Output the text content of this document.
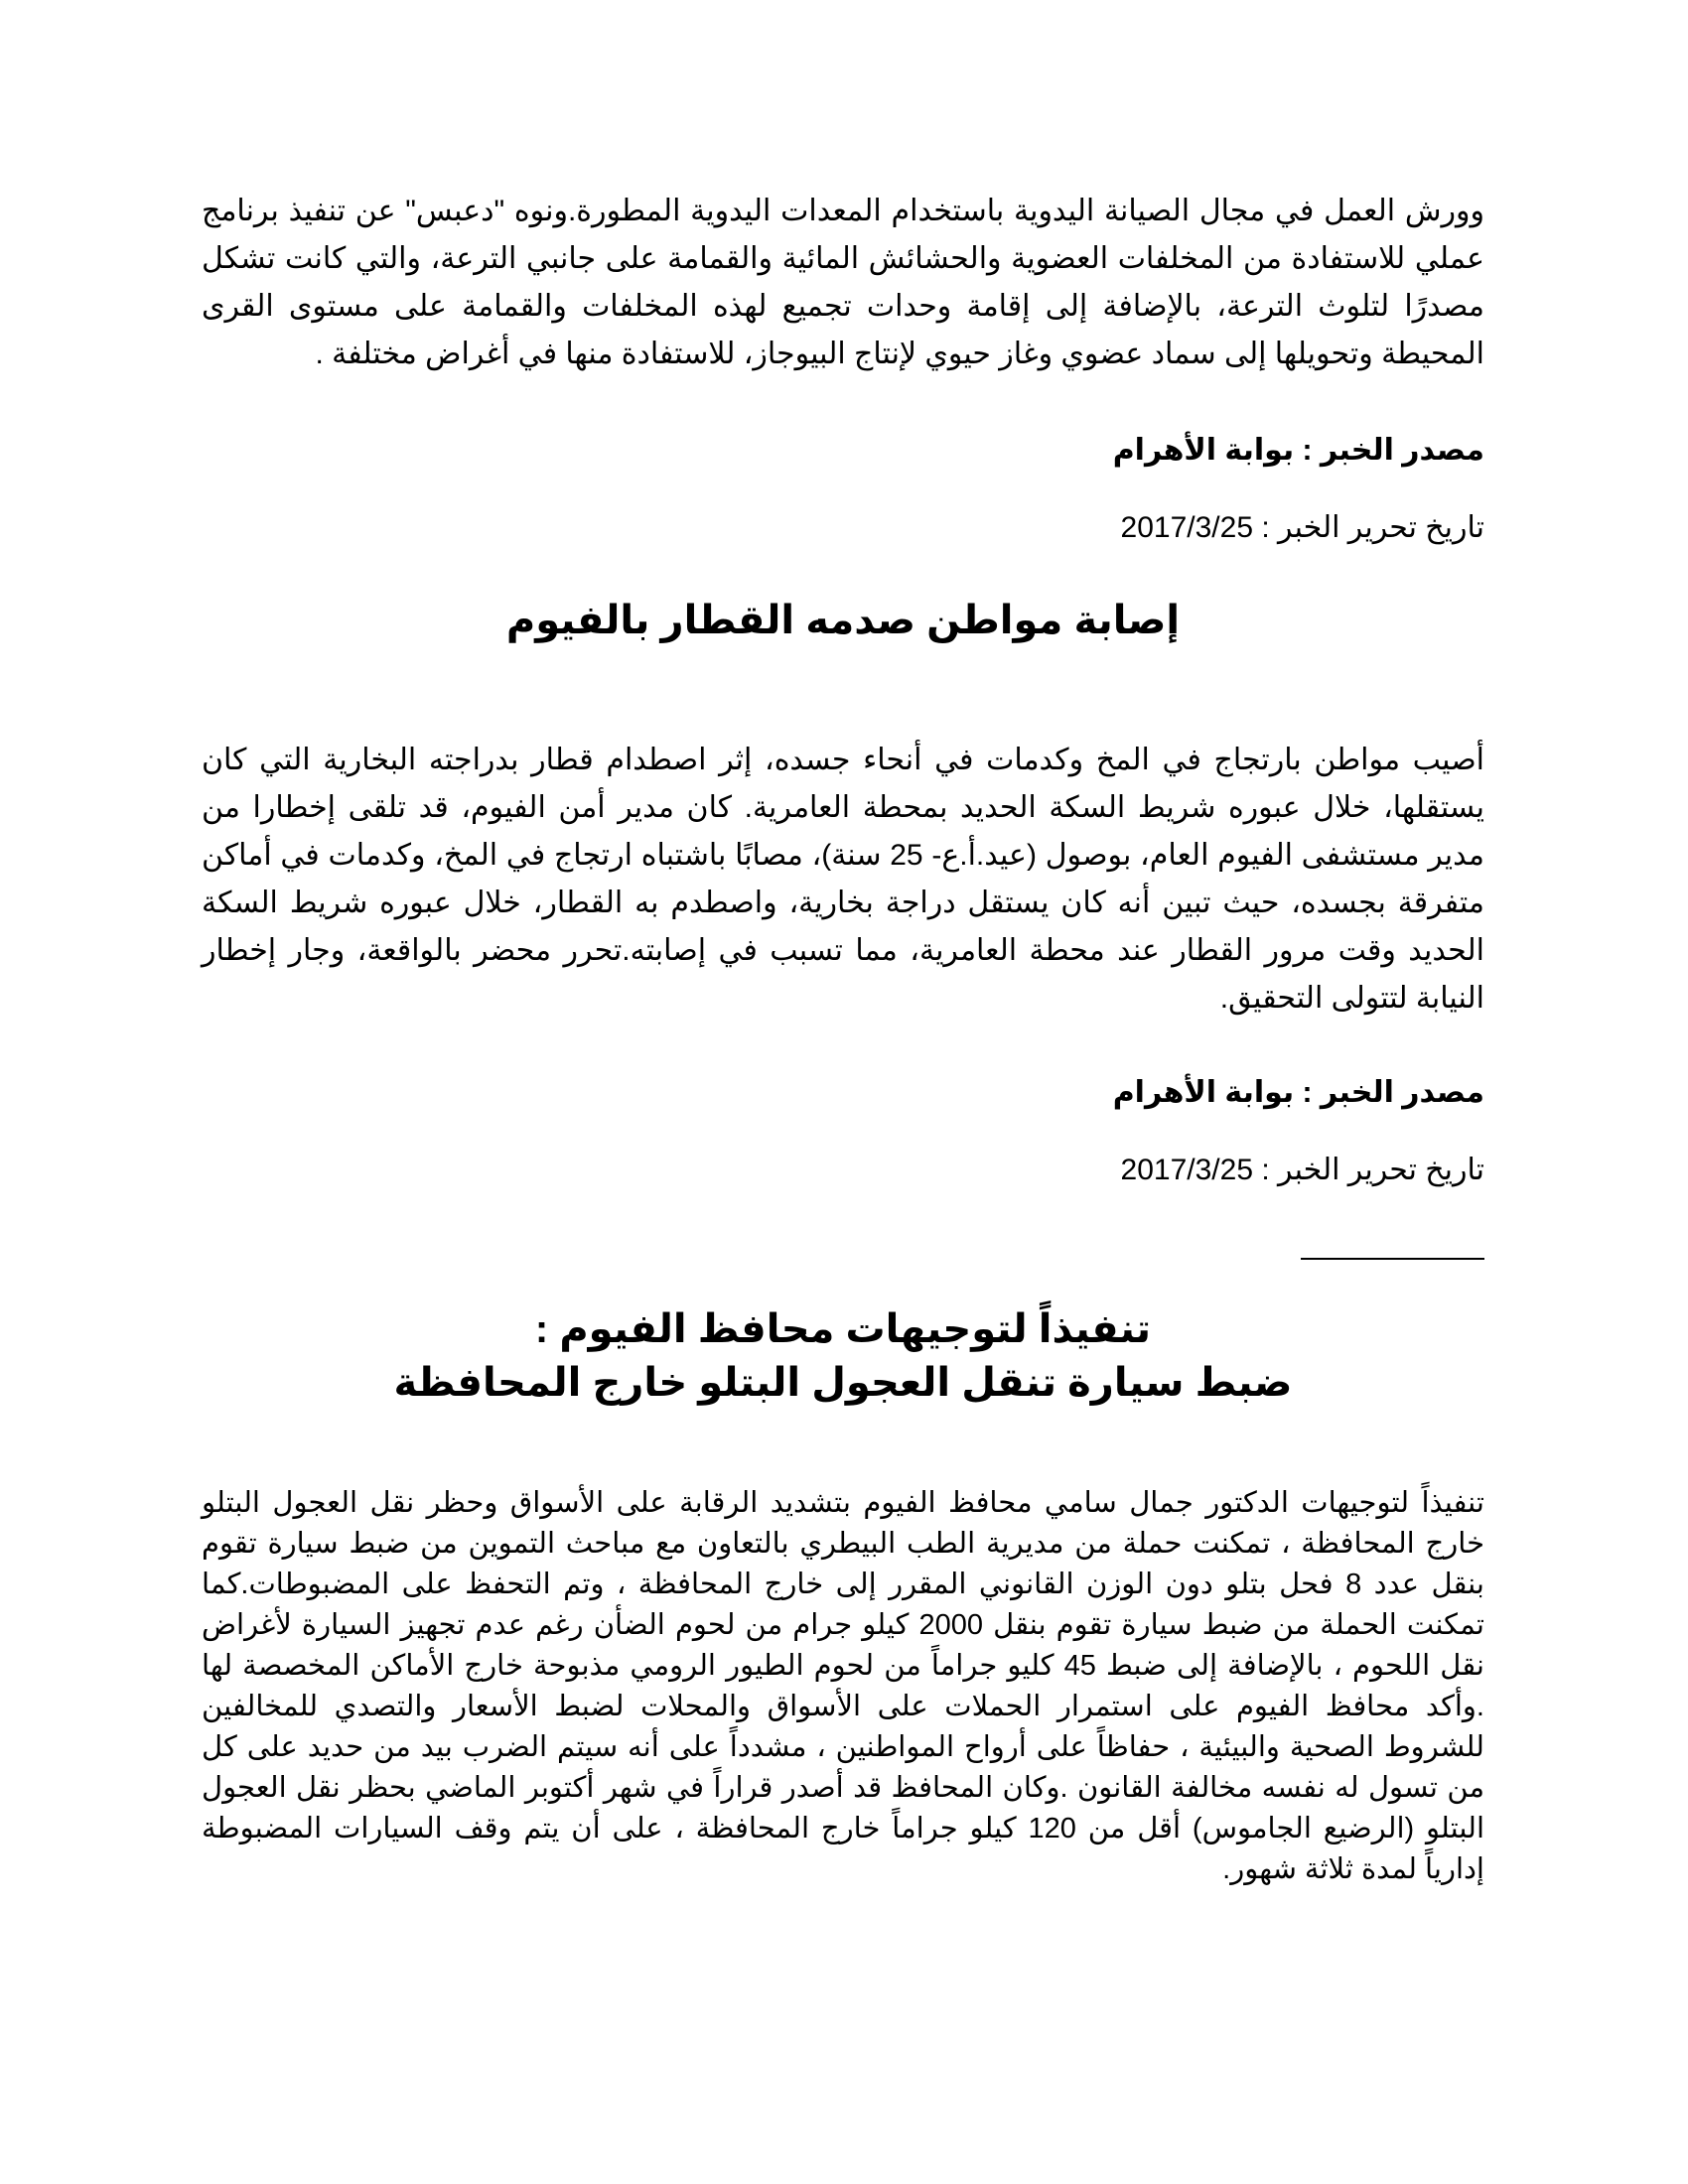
وورش العمل في مجال الصيانة اليدوية باستخدام المعدات اليدوية المطورة.ونوه "دعبس" عن تنفيذ برنامج عملي للاستفادة من المخلفات العضوية والحشائش المائية والقمامة على جانبي الترعة، والتي كانت تشكل مصدرًا لتلوث الترعة، بالإضافة إلى إقامة وحدات تجميع لهذه المخلفات والقمامة على مستوى القرى المحيطة وتحويلها إلى سماد عضوي وغاز حيوي لإنتاج البيوجاز، للاستفادة منها في أغراض مختلفة .

مصدر الخبر : بوابة الأهرام

تاريخ تحرير الخبر : 2017/3/25

إصابة مواطن صدمه القطار بالفيوم

أصيب مواطن بارتجاج في المخ وكدمات في أنحاء جسده، إثر اصطدام قطار بدراجته البخارية التي كان يستقلها، خلال عبوره شريط السكة الحديد بمحطة العامرية. كان مدير أمن الفيوم، قد تلقى إخطارا من مدير مستشفى الفيوم العام، بوصول (عيد.أ.ع- 25 سنة)، مصابًا باشتباه ارتجاج في المخ، وكدمات في أماكن متفرقة بجسده، حيث تبين أنه كان يستقل دراجة بخارية، واصطدم به القطار، خلال عبوره شريط السكة الحديد وقت مرور القطار عند محطة العامرية، مما تسبب في إصابته.تحرر محضر بالواقعة، وجار إخطار النيابة لتتولى التحقيق.

مصدر الخبر : بوابة الأهرام

تاريخ تحرير الخبر : 2017/3/25

تنفيذاً لتوجيهات محافظ الفيوم :
ضبط سيارة تنقل العجول البتلو خارج المحافظة

تنفيذاً لتوجيهات الدكتور جمال سامي محافظ الفيوم بتشديد الرقابة على الأسواق وحظر نقل العجول البتلو خارج المحافظة ، تمكنت حملة من مديرية الطب البيطري بالتعاون مع مباحث التموين من ضبط سيارة تقوم بنقل عدد 8 فحل بتلو دون الوزن القانوني المقرر إلى خارج المحافظة ، وتم التحفظ على المضبوطات.كما تمكنت الحملة من ضبط سيارة تقوم بنقل 2000 كيلو جرام من لحوم الضأن رغم عدم تجهيز السيارة لأغراض نقل اللحوم ، بالإضافة إلى ضبط 45 كليو جراماً من لحوم الطيور الرومي مذبوحة خارج الأماكن المخصصة لها .وأكد محافظ الفيوم على استمرار الحملات على الأسواق والمحلات لضبط الأسعار والتصدي للمخالفين للشروط الصحية والبيئية ، حفاظاً على أرواح المواطنين ، مشدداً على أنه سيتم الضرب بيد من حديد على كل من تسول له نفسه مخالفة القانون .وكان المحافظ قد أصدر قراراً في شهر أكتوبر الماضي بحظر نقل العجول البتلو (الرضيع الجاموس) أقل من 120 كيلو جراماً خارج المحافظة ، على أن يتم وقف السيارات المضبوطة إدارياً لمدة ثلاثة شهور.
